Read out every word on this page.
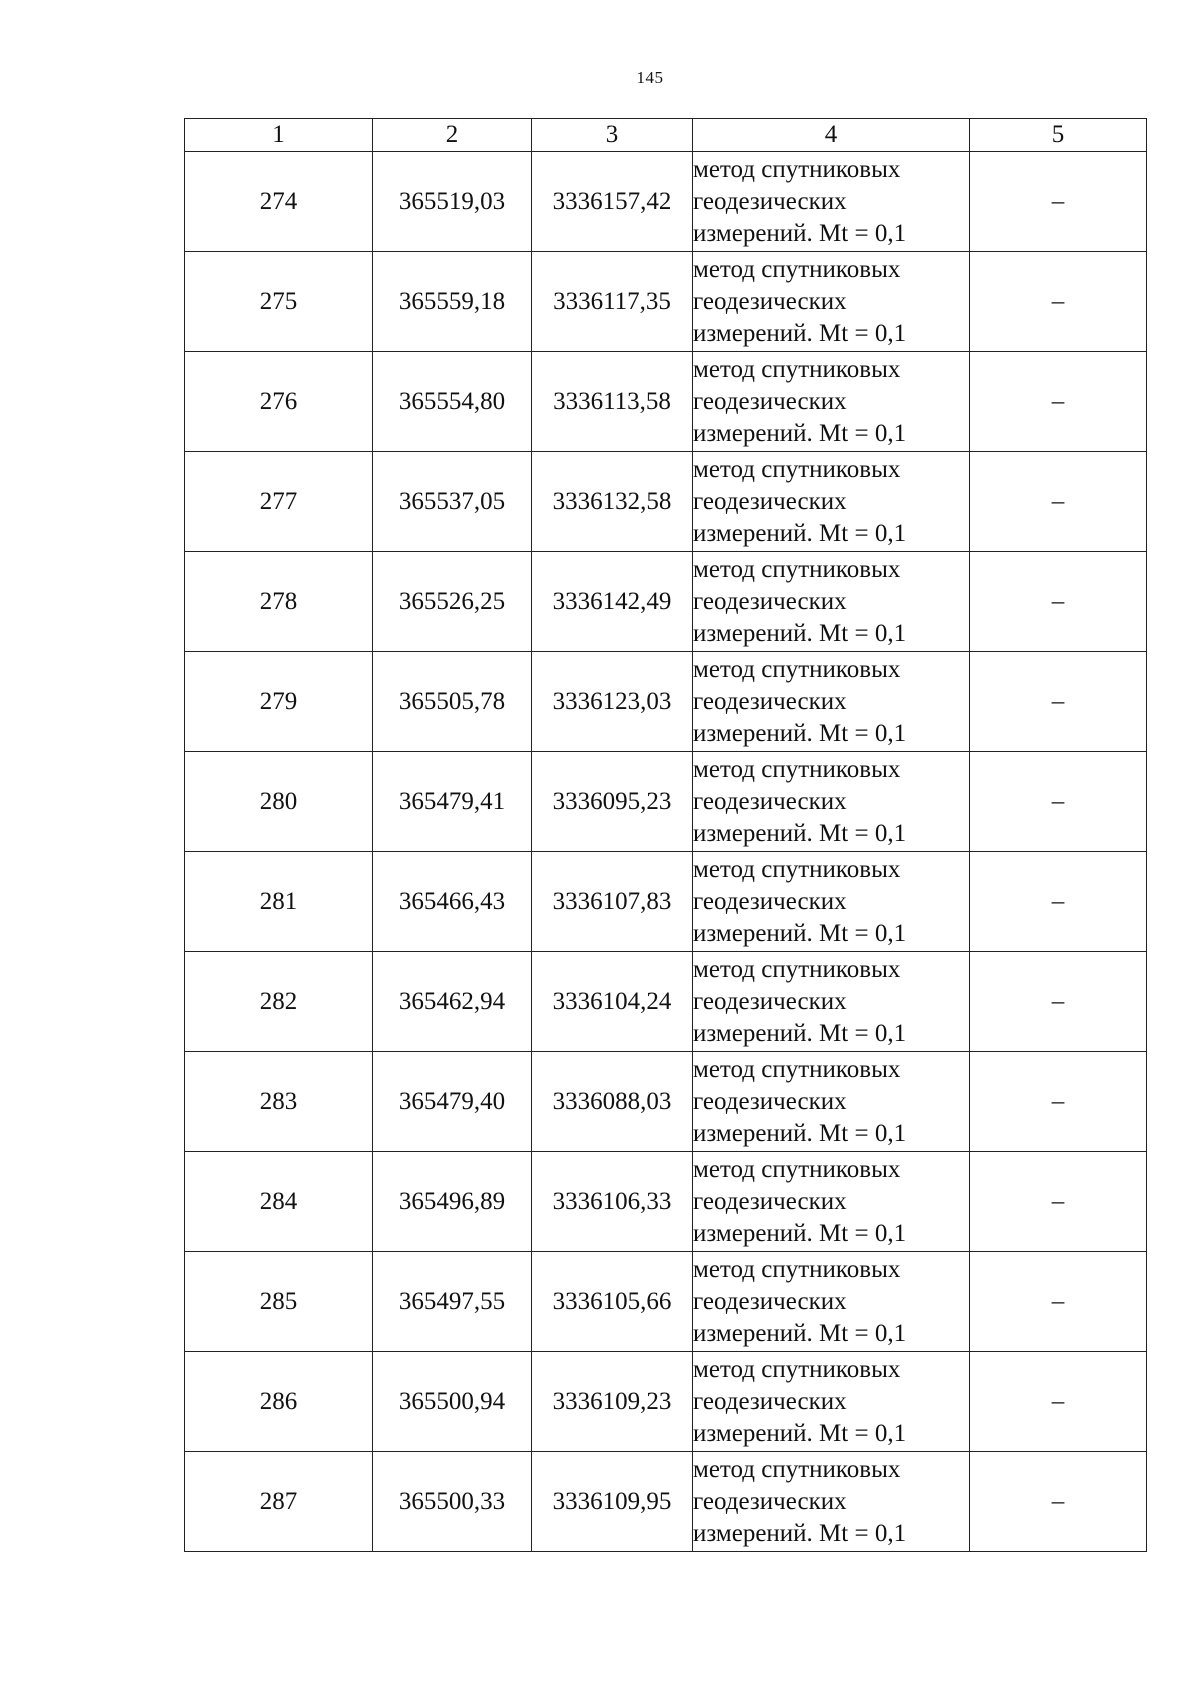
145
1	2	3	4	5
274	365519,03	3336157,42	метод спутниковых
геодезических
измерений. Mt = 0,1	–
275	365559,18	3336117,35	метод спутниковых
геодезических
измерений. Mt = 0,1	–
276	365554,80	3336113,58	метод спутниковых
геодезических
измерений. Mt = 0,1	–
277	365537,05	3336132,58	метод спутниковых
геодезических
измерений. Mt = 0,1	–
278	365526,25	3336142,49	метод спутниковых
геодезических
измерений. Mt = 0,1	–
279	365505,78	3336123,03	метод спутниковых
геодезических
измерений. Mt = 0,1	–
280	365479,41	3336095,23	метод спутниковых
геодезических
измерений. Mt = 0,1	–
281	365466,43	3336107,83	метод спутниковых
геодезических
измерений. Mt = 0,1	–
282	365462,94	3336104,24	метод спутниковых
геодезических
измерений. Mt = 0,1	–
283	365479,40	3336088,03	метод спутниковых
геодезических
измерений. Mt = 0,1	–
284	365496,89	3336106,33	метод спутниковых
геодезических
измерений. Mt = 0,1	–
285	365497,55	3336105,66	метод спутниковых
геодезических
измерений. Mt = 0,1	–
286	365500,94	3336109,23	метод спутниковых
геодезических
измерений. Mt = 0,1	–
287	365500,33	3336109,95	метод спутниковых
геодезических
измерений. Mt = 0,1	–
